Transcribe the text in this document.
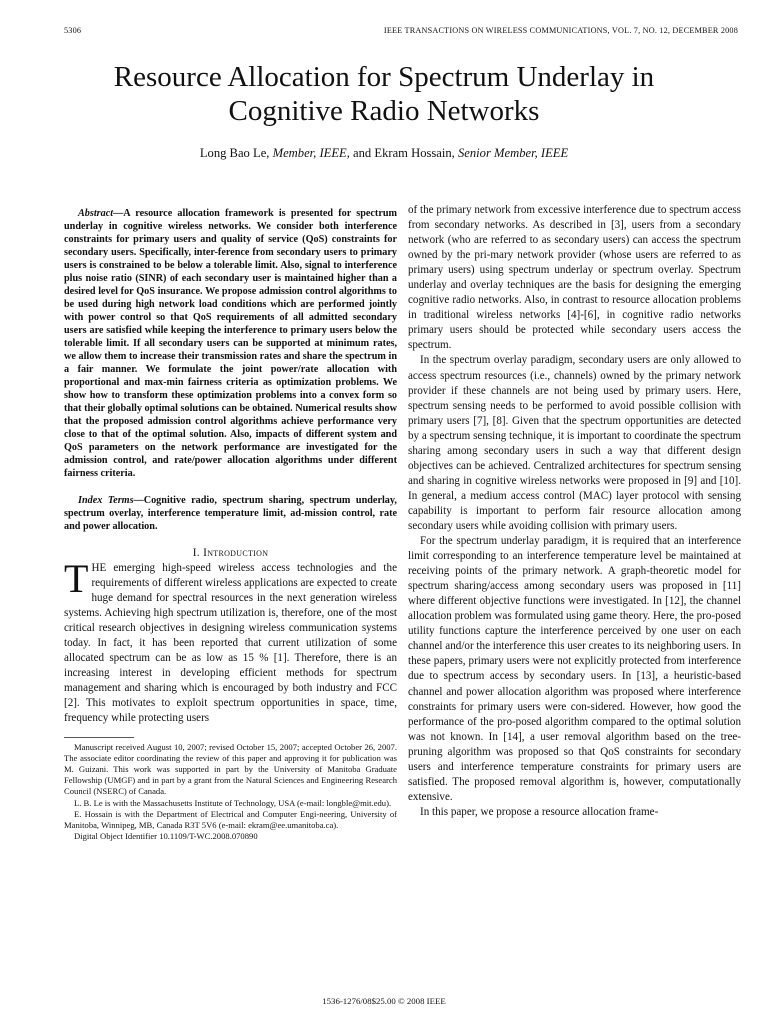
5306	IEEE TRANSACTIONS ON WIRELESS COMMUNICATIONS, VOL. 7, NO. 12, DECEMBER 2008
Resource Allocation for Spectrum Underlay in
Cognitive Radio Networks
Long Bao Le, Member, IEEE, and Ekram Hossain, Senior Member, IEEE

Abstract—A resource allocation framework is presented for spectrum underlay in cognitive wireless networks. We consider both interference constraints for primary users and quality of service (QoS) constraints for secondary users. Specifically, inter-ference from secondary users to primary users is constrained to be below a tolerable limit. Also, signal to interference plus noise ratio (SINR) of each secondary user is maintained higher than a desired level for QoS insurance. We propose admission control algorithms to be used during high network load conditions which are performed jointly with power control so that QoS requirements of all admitted secondary users are satisfied while keeping the interference to primary users below the tolerable limit. If all secondary users can be supported at minimum rates, we allow them to increase their transmission rates and share the spectrum in a fair manner. We formulate the joint power/rate allocation with proportional and max-min fairness criteria as optimization problems. We show how to transform these optimization problems into a convex form so that their globally optimal solutions can be obtained. Numerical results show that the proposed admission control algorithms achieve performance very close to that of the optimal solution. Also, impacts of different system and QoS parameters on the network performance are investigated for the admission control, and rate/power allocation algorithms under different fairness criteria.

Index Terms—Cognitive radio, spectrum sharing, spectrum underlay, spectrum overlay, interference temperature limit, ad-mission control, rate and power allocation.

I. Introduction

THE emerging high-speed wireless access technologies and the requirements of different wireless applications are expected to create huge demand for spectral resources in the next generation wireless systems. Achieving high spectrum utilization is, therefore, one of the most critical research objectives in designing wireless communication systems today. In fact, it has been reported that current utilization of some allocated spectrum can be as low as 15 % [1]. Therefore, there is an increasing interest in developing efficient methods for spectrum management and sharing which is encouraged by both industry and FCC [2]. This motivates to exploit spectrum opportunities in space, time, frequency while protecting users

Manuscript received August 10, 2007; revised October 15, 2007; accepted October 26, 2007. The associate editor coordinating the review of this paper and approving it for publication was M. Guizani. This work was supported in part by the University of Manitoba Graduate Fellowship (UMGF) and in part by a grant from the Natural Sciences and Engineering Research Council (NSERC) of Canada.

L. B. Le is with the Massachusetts Institute of Technology, USA (e-mail: longble@mit.edu).

E. Hossain is with the Department of Electrical and Computer Engi-neering, University of Manitoba, Winnipeg, MB, Canada R3T 5V6 (e-mail: ekram@ee.umanitoba.ca).

Digital Object Identifier 10.1109/T-WC.2008.070890

of the primary network from excessive interference due to spectrum access from secondary networks. As described in [3], users from a secondary network (who are referred to as secondary users) can access the spectrum owned by the pri-mary network provider (whose users are referred to as primary users) using spectrum underlay or spectrum overlay. Spectrum underlay and overlay techniques are the basis for designing the emerging cognitive radio networks. Also, in contrast to resource allocation problems in traditional wireless networks [4]-[6], in cognitive radio networks primary users should be protected while secondary users access the spectrum.

In the spectrum overlay paradigm, secondary users are only allowed to access spectrum resources (i.e., channels) owned by the primary network provider if these channels are not being used by primary users. Here, spectrum sensing needs to be performed to avoid possible collision with primary users [7], [8]. Given that the spectrum opportunities are detected by a spectrum sensing technique, it is important to coordinate the spectrum sharing among secondary users in such a way that different design objectives can be achieved. Centralized architectures for spectrum sensing and sharing in cognitive wireless networks were proposed in [9] and [10]. In general, a medium access control (MAC) layer protocol with sensing capability is important to perform fair resource allocation among secondary users while avoiding collision with primary users.

For the spectrum underlay paradigm, it is required that an interference limit corresponding to an interference temperature level be maintained at receiving points of the primary network. A graph-theoretic model for spectrum sharing/access among secondary users was proposed in [11] where different objective functions were investigated. In [12], the channel allocation problem was formulated using game theory. Here, the pro-posed utility functions capture the interference perceived by one user on each channel and/or the interference this user creates to its neighboring users. In these papers, primary users were not explicitly protected from interference due to spectrum access by secondary users. In [13], a heuristic-based channel and power allocation algorithm was proposed where interference constraints for primary users were con-sidered. However, how good the performance of the pro-posed algorithm compared to the optimal solution was not known. In [14], a user removal algorithm based on the tree-pruning algorithm was proposed so that QoS constraints for secondary users and interference temperature constraints for primary users are satisfied. The proposed removal algorithm is, however, computationally extensive.

In this paper, we propose a resource allocation frame-

1536-1276/08$25.00 © 2008 IEEE
